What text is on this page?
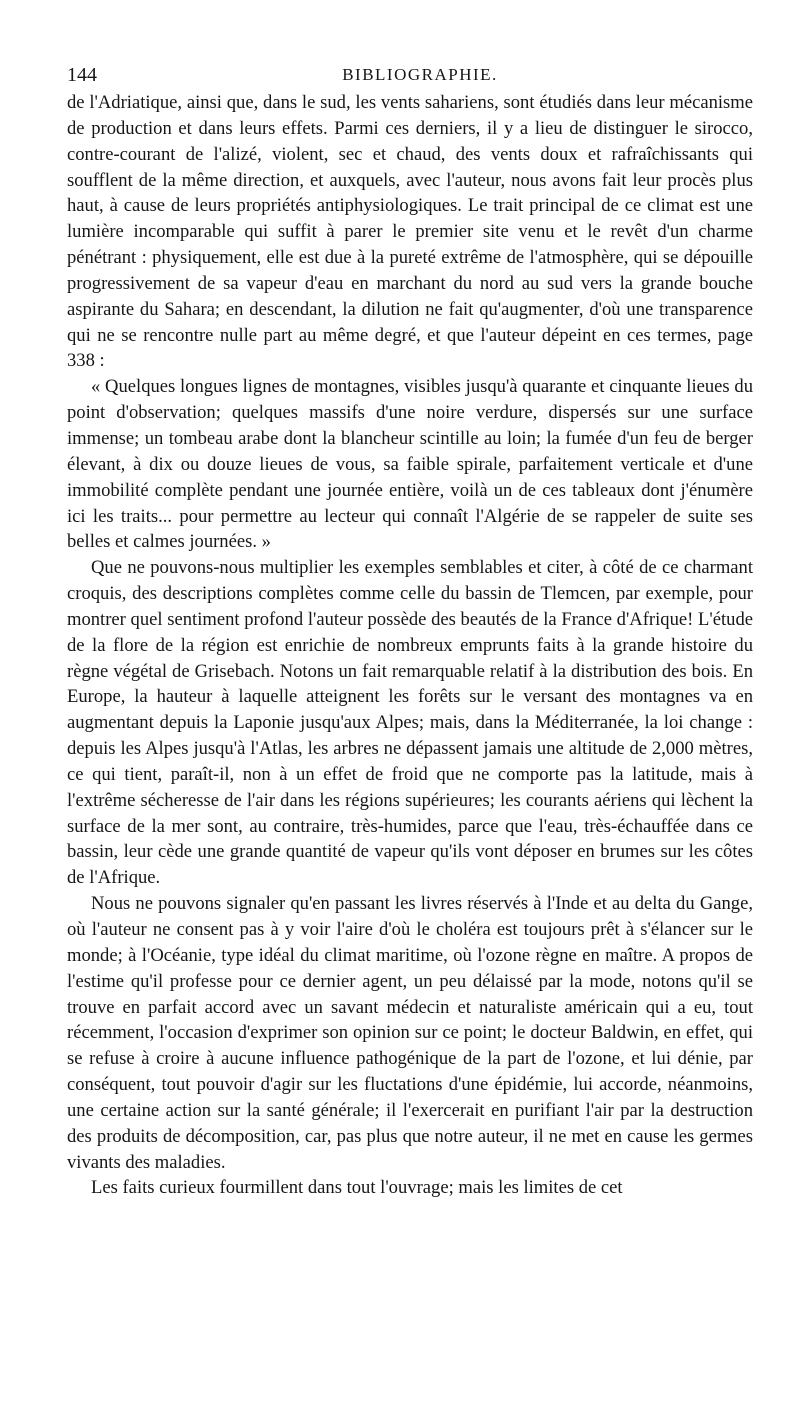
144	BIBLIOGRAPHIE.

de l'Adriatique, ainsi que, dans le sud, les vents sahariens, sont étudiés dans leur mécanisme de production et dans leurs effets. Parmi ces derniers, il y a lieu de distinguer le sirocco, contre-courant de l'alizé, violent, sec et chaud, des vents doux et rafraîchissants qui soufflent de la même direction, et auxquels, avec l'auteur, nous avons fait leur procès plus haut, à cause de leurs propriétés antiphysiologiques. Le trait principal de ce climat est une lumière incomparable qui suffit à parer le premier site venu et le revêt d'un charme pénétrant : physiquement, elle est due à la pureté extrême de l'atmosphère, qui se dépouille progressivement de sa vapeur d'eau en marchant du nord au sud vers la grande bouche aspirante du Sahara; en descendant, la dilution ne fait qu'augmenter, d'où une transparence qui ne se rencontre nulle part au même degré, et que l'auteur dépeint en ces termes, page 338 :

« Quelques longues lignes de montagnes, visibles jusqu'à quarante et cinquante lieues du point d'observation; quelques massifs d'une noire verdure, dispersés sur une surface immense; un tombeau arabe dont la blancheur scintille au loin; la fumée d'un feu de berger élevant, à dix ou douze lieues de vous, sa faible spirale, parfaitement verticale et d'une immobilité complète pendant une journée entière, voilà un de ces tableaux dont j'énumère ici les traits... pour permettre au lecteur qui connaît l'Algérie de se rappeler de suite ses belles et calmes journées. »

Que ne pouvons-nous multiplier les exemples semblables et citer, à côté de ce charmant croquis, des descriptions complètes comme celle du bassin de Tlemcen, par exemple, pour montrer quel sentiment profond l'auteur possède des beautés de la France d'Afrique! L'étude de la flore de la région est enrichie de nombreux emprunts faits à la grande histoire du règne végétal de Grisebach. Notons un fait remarquable relatif à la distribution des bois. En Europe, la hauteur à laquelle atteignent les forêts sur le versant des montagnes va en augmentant depuis la Laponie jusqu'aux Alpes; mais, dans la Méditerranée, la loi change : depuis les Alpes jusqu'à l'Atlas, les arbres ne dépassent jamais une altitude de 2,000 mètres, ce qui tient, paraît-il, non à un effet de froid que ne comporte pas la latitude, mais à l'extrême sécheresse de l'air dans les régions supérieures; les courants aériens qui lèchent la surface de la mer sont, au contraire, très-humides, parce que l'eau, très-échauffée dans ce bassin, leur cède une grande quantité de vapeur qu'ils vont déposer en brumes sur les côtes de l'Afrique.

Nous ne pouvons signaler qu'en passant les livres réservés à l'Inde et au delta du Gange, où l'auteur ne consent pas à y voir l'aire d'où le choléra est toujours prêt à s'élancer sur le monde; à l'Océanie, type idéal du climat maritime, où l'ozone règne en maître. A propos de l'estime qu'il professe pour ce dernier agent, un peu délaissé par la mode, notons qu'il se trouve en parfait accord avec un savant médecin et naturaliste américain qui a eu, tout récemment, l'occasion d'exprimer son opinion sur ce point; le docteur Baldwin, en effet, qui se refuse à croire à aucune influence pathogénique de la part de l'ozone, et lui dénie, par conséquent, tout pouvoir d'agir sur les fluctations d'une épidémie, lui accorde, néanmoins, une certaine action sur la santé générale; il l'exercerait en purifiant l'air par la destruction des produits de décomposition, car, pas plus que notre auteur, il ne met en cause les germes vivants des maladies.

Les faits curieux fourmillent dans tout l'ouvrage; mais les limites de cet
